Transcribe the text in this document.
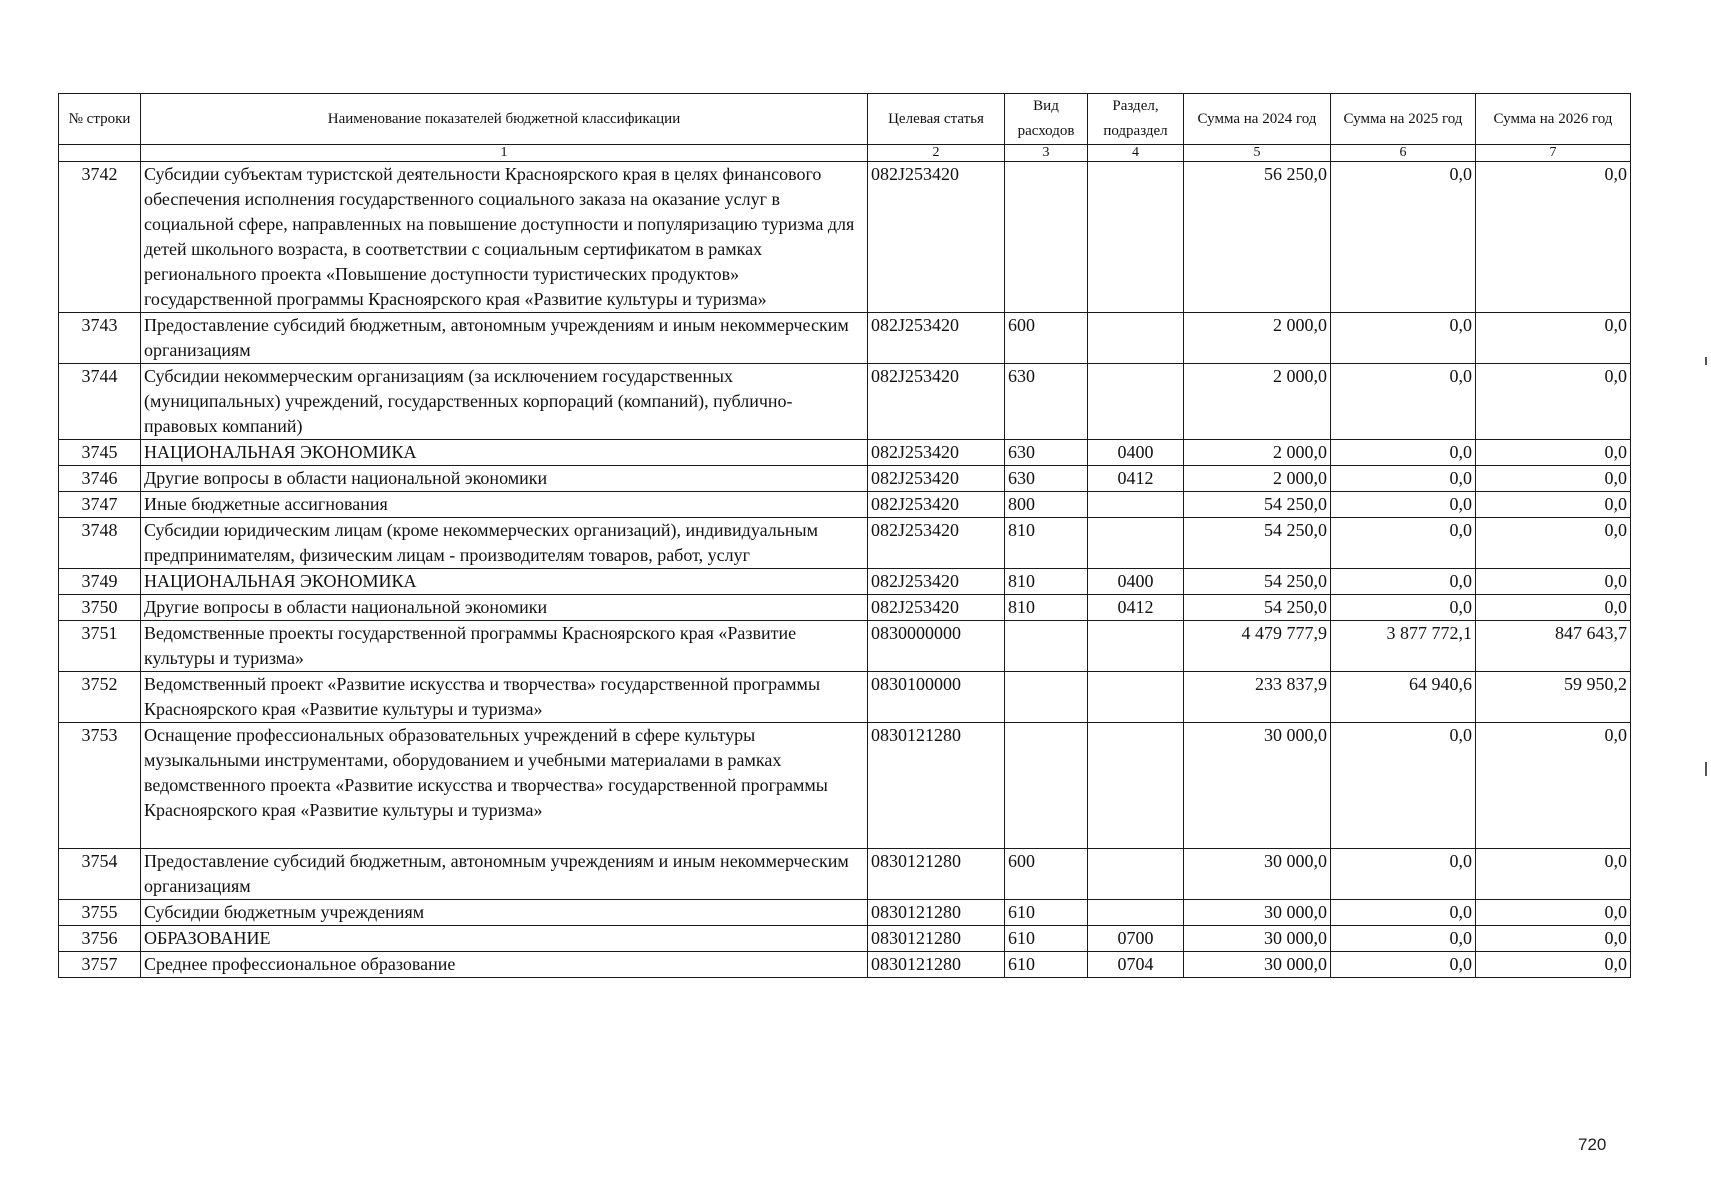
№ строки	Наименование показателей бюджетной классификации	Целевая статья	Вид расходов	Раздел, подраздел	Сумма на 2024 год	Сумма на 2025 год	Сумма на 2026 год
	1	2	3	4	5	6	7
3742	Субсидии субъектам туристской деятельности Красноярского края в целях финансового обеспечения исполнения государственного социального заказа на оказание услуг в социальной сфере, направленных на повышение доступности и популяризацию туризма для детей школьного возраста, в соответствии с социальным сертификатом в рамках регионального проекта «Повышение доступности туристических продуктов» государственной программы Красноярского края «Развитие культуры и туризма»	082J253420			56 250,0	0,0	0,0
3743	Предоставление субсидий бюджетным, автономным учреждениям и иным некоммерческим организациям	082J253420	600		2 000,0	0,0	0,0
3744	Субсидии некоммерческим организациям (за исключением государственных (муниципальных) учреждений, государственных корпораций (компаний), публично-правовых компаний)	082J253420	630		2 000,0	0,0	0,0
3745	НАЦИОНАЛЬНАЯ ЭКОНОМИКА	082J253420	630	0400	2 000,0	0,0	0,0
3746	Другие вопросы в области национальной экономики	082J253420	630	0412	2 000,0	0,0	0,0
3747	Иные бюджетные ассигнования	082J253420	800		54 250,0	0,0	0,0
3748	Субсидии юридическим лицам (кроме некоммерческих организаций), индивидуальным предпринимателям, физическим лицам - производителям товаров, работ, услуг	082J253420	810		54 250,0	0,0	0,0
3749	НАЦИОНАЛЬНАЯ ЭКОНОМИКА	082J253420	810	0400	54 250,0	0,0	0,0
3750	Другие вопросы в области национальной экономики	082J253420	810	0412	54 250,0	0,0	0,0
3751	Ведомственные проекты государственной программы Красноярского края «Развитие культуры и туризма»	0830000000			4 479 777,9	3 877 772,1	847 643,7
3752	Ведомственный проект «Развитие искусства и творчества» государственной программы Красноярского края «Развитие культуры и туризма»	0830100000			233 837,9	64 940,6	59 950,2
3753	Оснащение профессиональных образовательных учреждений в сфере культуры музыкальными инструментами, оборудованием и учебными материалами в рамках ведомственного проекта «Развитие искусства и творчества» государственной программы Красноярского края «Развитие культуры и туризма»	0830121280			30 000,0	0,0	0,0
3754	Предоставление субсидий бюджетным, автономным учреждениям и иным некоммерческим организациям	0830121280	600		30 000,0	0,0	0,0
3755	Субсидии бюджетным учреждениям	0830121280	610		30 000,0	0,0	0,0
3756	ОБРАЗОВАНИЕ	0830121280	610	0700	30 000,0	0,0	0,0
3757	Среднее профессиональное образование	0830121280	610	0704	30 000,0	0,0	0,0
720
